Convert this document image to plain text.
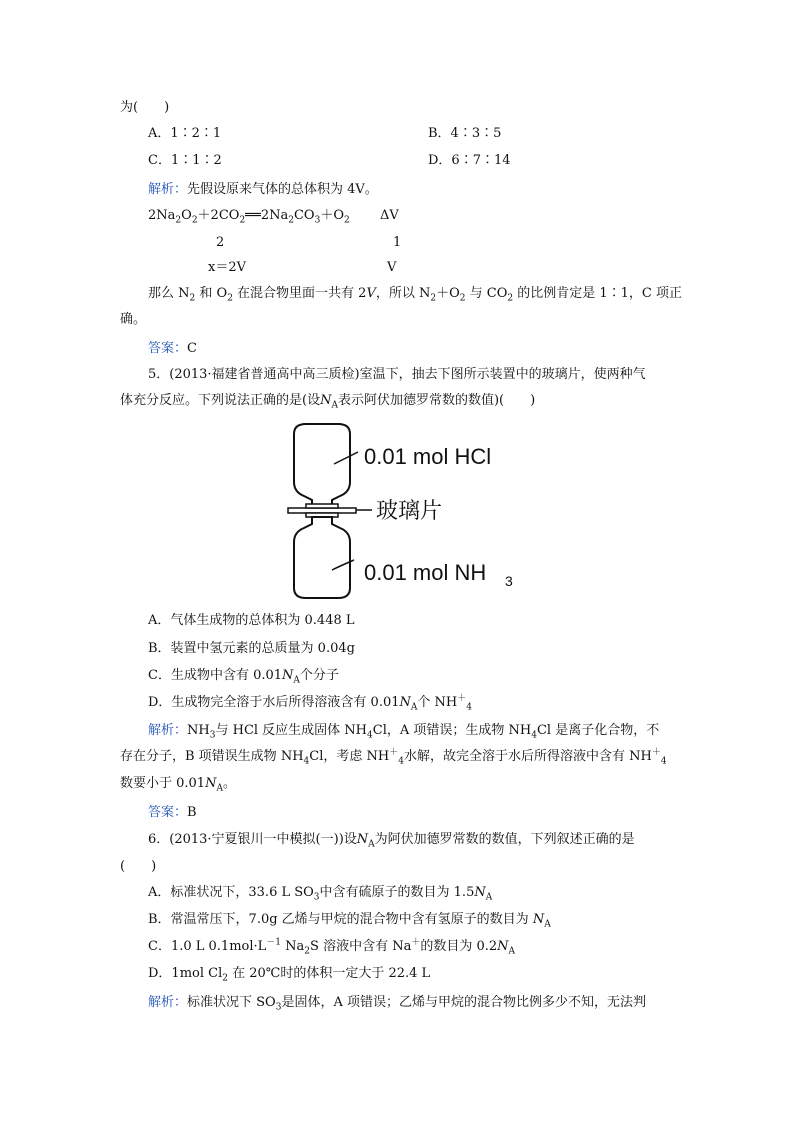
为(　　)
A．1∶2∶1	B．4∶3∶5
C．1∶1∶2	D．6∶7∶14
解析：先假设原来气体的总体积为 4V。
$2Na_2O_2+2CO_2══2Na_2CO_3+O_2$ ΔV
2	1
x＝2V	V
那么 $N_2$ 和 $O_2$ 在混合物里面一共有 2V，所以 $N_2+O_2$ 与 $CO_2$ 的比例肯定是 1∶1，C 项正
确。
答案：C
5．(2013·福建省普通高中高三质检)室温下，抽去下图所示装置中的玻璃片，使两种气
体充分反应。下列说法正确的是(设$N_A$表示阿伏加德罗常数的数值)(　　)
0.01 mol HCl
玻璃片
0.01 mol NH 3
A．气体生成物的总体积为 0.448 L
B．装置中氢元素的总质量为 0.04g
C．生成物中含有 $0.01N_A$个分子
D．生成物完全溶于水后所得溶液含有 $0.01N_A$个 $NH^+_4$
解析：$NH_3$与 HCl 反应生成固体 $NH_4Cl$，A 项错误；生成物 $NH_4Cl$ 是离子化合物，不
存在分子，B 项错误生成物 $NH_4Cl$，考虑 $NH^+_4$水解，故完全溶于水后所得溶液中含有 $NH^+_4$
数要小于 $0.01N_A$。
答案：B
6．(2013·宁夏银川一中模拟(一))设$N_A$为阿伏加德罗常数的数值，下列叙述正确的是
(　　)
A．标准状况下，33.6 L $SO_3$中含有硫原子的数目为 $1.5N_A$
B．常温常压下，7.0g 乙烯与甲烷的混合物中含有氢原子的数目为 $N_A$
C．1.0 L $0.1mol\cdot L^{-1}$ $Na_2S$ 溶液中含有 Na＋的数目为 $0.2N_A$
D．1mol $Cl_2$ 在 20℃时的体积一定大于 22.4 L
解析：标准状况下 $SO_3$是固体，A 项错误；乙烯与甲烷的混合物比例多少不知，无法判
